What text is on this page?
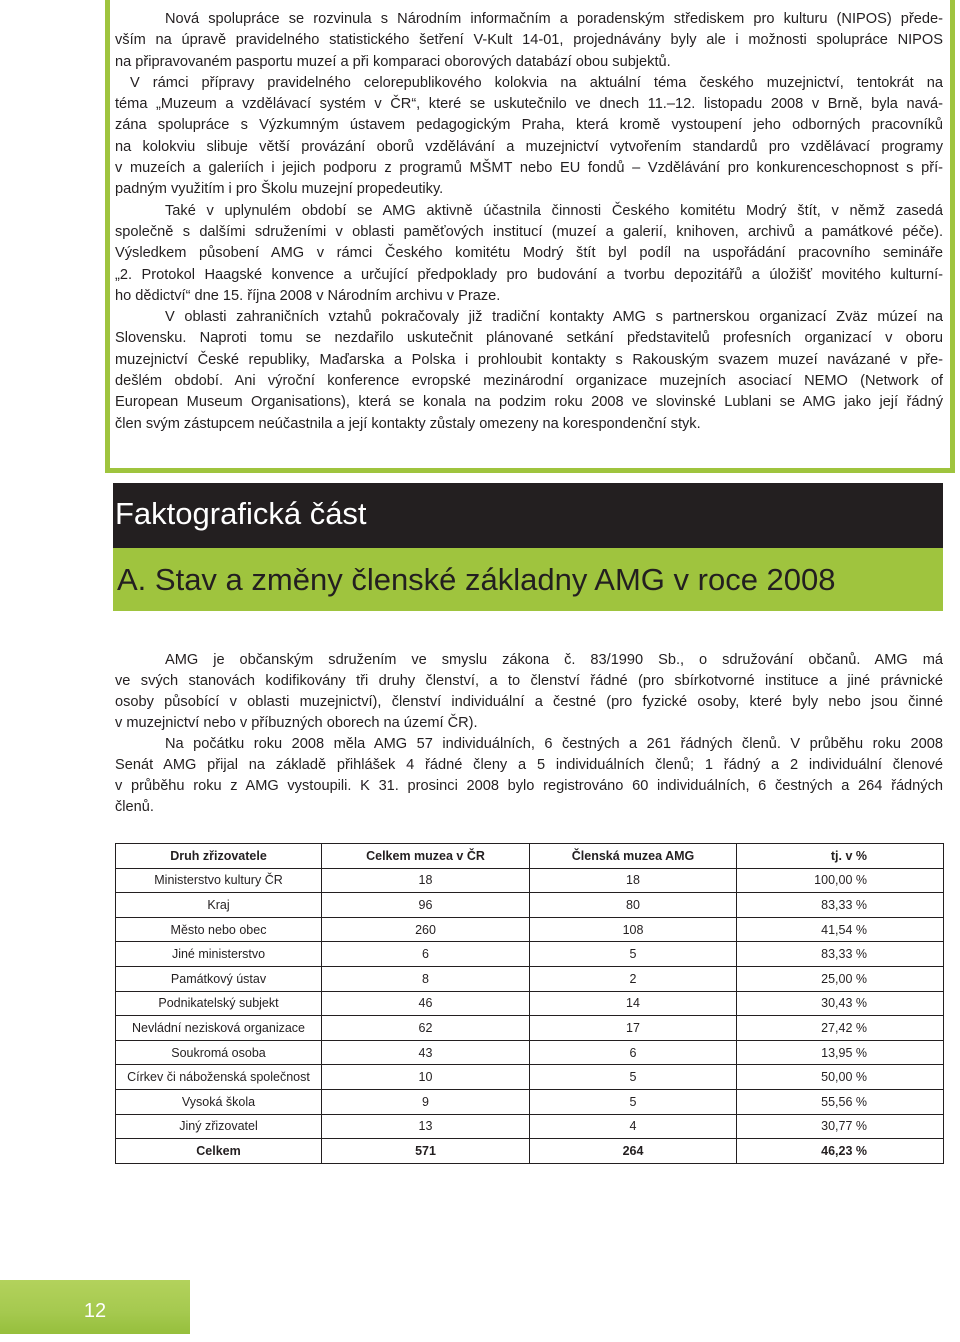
Nová spolupráce se rozvinula s Národním informačním a poradenským střediskem pro kulturu (NIPOS) přede-
vším na úpravě pravidelného statistického šetření V-Kult 14-01, projednávány byly ale i možnosti spolupráce NIPOS
na připravovaném pasportu muzeí a při komparaci oborových databází obou subjektů.
V rámci přípravy pravidelného celorepublikového kolokvia na aktuální téma českého muzejnictví, tentokrát na
téma „Muzeum a vzdělávací systém v ČR“, které se uskutečnilo ve dnech 11.–12. listopadu 2008 v Brně, byla navá-
zána spolupráce s Výzkumným ústavem pedagogickým Praha, která kromě vystoupení jeho odborných pracovníků
na kolokviu slibuje větší provázání oborů vzdělávání a muzejnictví vytvořením standardů pro vzdělávací programy
v muzeích a galeriích i jejich podporu z programů MŠMT nebo EU fondů – Vzdělávání pro konkurenceschopnost s pří-
padným využitím i pro Školu muzejní propedeutiky.
Také v uplynulém období se AMG aktivně účastnila činnosti Českého komitétu Modrý štít, v němž zasedá
společně s dalšími sdruženími v oblasti paměťových institucí (muzeí a galerií, knihoven, archivů a památkové péče).
Výsledkem působení AMG v rámci Českého komitétu Modrý štít byl podíl na uspořádání pracovního semináře
„2. Protokol Haagské konvence a určující předpoklady pro budování a tvorbu depozitářů a úložišť movitého kulturní-
ho dědictví“ dne 15. října 2008 v Národním archivu v Praze.
V oblasti zahraničních vztahů pokračovaly již tradiční kontakty AMG s partnerskou organizací Zväz múzeí na
Slovensku. Naproti tomu se nezdařilo uskutečnit plánované setkání představitelů profesních organizací v oboru
muzejnictví České republiky, Maďarska a Polska i prohloubit kontakty s Rakouským svazem muzeí navázané v pře-
dešlém období. Ani výroční konference evropské mezinárodní organizace muzejních asociací NEMO (Network of
European Museum Organisations), která se konala na podzim roku 2008 ve slovinské Lublani se AMG jako její řádný
člen svým zástupcem neúčastnila a její kontakty zůstaly omezeny na korespondenční styk.
Faktografická část
A. Stav a změny členské základny AMG v roce 2008
AMG je občanským sdružením ve smyslu zákona č. 83/1990 Sb., o sdružování občanů. AMG má
ve svých stanovách kodifikovány tři druhy členství, a to členství řádné (pro sbírkotvorné instituce a jiné právnické
osoby působící v oblasti muzejnictví), členství individuální a čestné (pro fyzické osoby, které byly nebo jsou činné
v muzejnictví nebo v příbuzných oborech na území ČR).
Na počátku roku 2008 měla AMG 57 individuálních, 6 čestných a 261 řádných členů. V průběhu roku 2008
Senát AMG přijal na základě přihlášek 4 řádné členy a 5 individuálních členů; 1 řádný a 2 individuální členové
v průběhu roku z AMG vystoupili. K 31. prosinci 2008 bylo registrováno 60 individuálních, 6 čestných a 264 řádných
členů.
Druh zřizovatele	Celkem muzea v ČR	Členská muzea AMG	tj. v %
Ministerstvo kultury ČR	18	18	100,00 %
Kraj	96	80	83,33 %
Město nebo obec	260	108	41,54 %
Jiné ministerstvo	6	5	83,33 %
Památkový ústav	8	2	25,00 %
Podnikatelský subjekt	46	14	30,43 %
Nevládní nezisková organizace	62	17	27,42 %
Soukromá osoba	43	6	13,95 %
Církev či náboženská společnost	10	5	50,00 %
Vysoká škola	9	5	55,56 %
Jiný zřizovatel	13	4	30,77 %
Celkem	571	264	46,23 %
12
